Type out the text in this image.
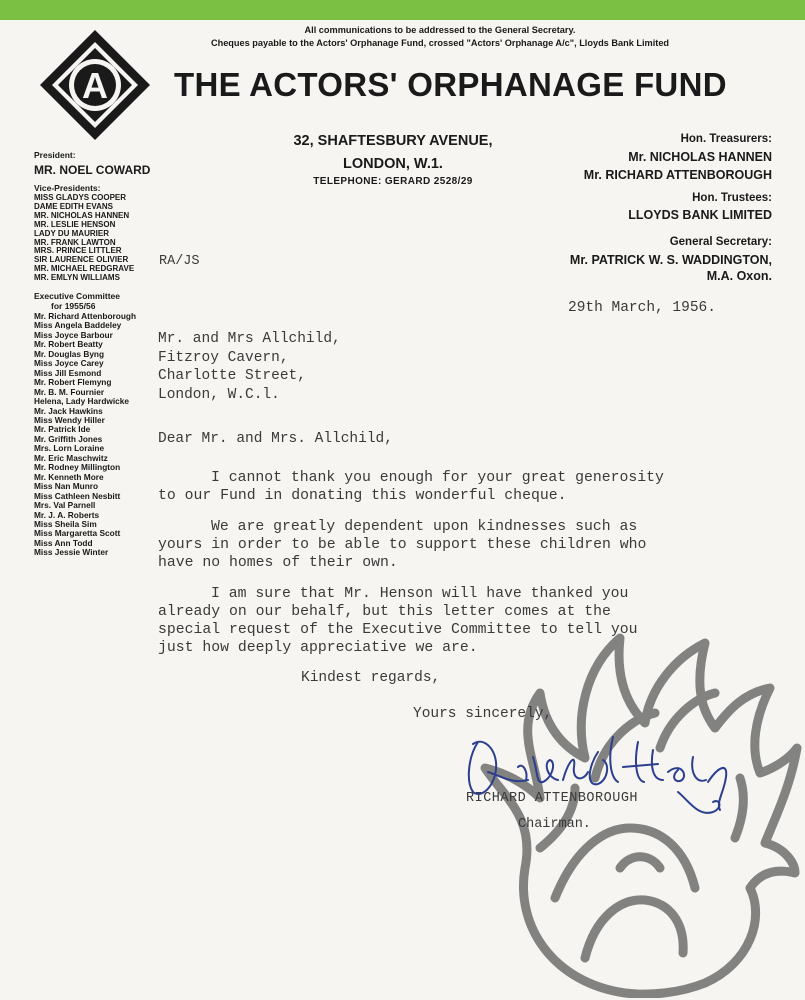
A
All communications to be addressed to the General Secretary.
Cheques payable to the Actors' Orphanage Fund, crossed "Actors' Orphanage A/c", Lloyds Bank Limited
THE ACTORS' ORPHANAGE FUND
32, SHAFTESBURY AVENUE,
LONDON, W.1.
TELEPHONE: GERARD 2528/29
Hon. Treasurers:
Mr. NICHOLAS HANNEN
Mr. RICHARD ATTENBOROUGH
Hon. Trustees:
LLOYDS BANK LIMITED
General Secretary:
Mr. PATRICK W. S. WADDINGTON,
M.A. Oxon.
President:
MR. NOEL COWARD
Vice-Presidents:
MISS GLADYS COOPER
DAME EDITH EVANS
MR. NICHOLAS HANNEN
MR. LESLIE HENSON
LADY DU MAURIER
MR. FRANK LAWTON
MRS. PRINCE LITTLER
SIR LAURENCE OLIVIER
MR. MICHAEL REDGRAVE
MR. EMLYN WILLIAMS
Executive Committee
for 1955/56
Mr. Richard Attenborough
Miss Angela Baddeley
Miss Joyce Barbour
Mr. Robert Beatty
Mr. Douglas Byng
Miss Joyce Carey
Miss Jill Esmond
Mr. Robert Flemyng
Mr. B. M. Fournier
Helena, Lady Hardwicke
Mr. Jack Hawkins
Miss Wendy Hiller
Mr. Patrick Ide
Mr. Griffith Jones
Mrs. Lorn Loraine
Mr. Eric Maschwitz
Mr. Rodney Millington
Mr. Kenneth More
Miss Nan Munro
Miss Cathleen Nesbitt
Mrs. Val Parnell
Mr. J. A. Roberts
Miss Sheila Sim
Miss Margaretta Scott
Miss Ann Todd
Miss Jessie Winter
RA/JS
29th March, 1956.
Mr. and Mrs Allchild,
Fitzroy Cavern,
Charlotte Street,
London, W.C.l.
Dear Mr. and Mrs. Allchild,
I cannot thank you enough for your great generosity
to our Fund in donating this wonderful cheque.
We are greatly dependent upon kindnesses such as
yours in order to be able to support these children who
have no homes of their own.
I am sure that Mr. Henson will have thanked you
already on our behalf, but this letter comes at the
special request of the Executive Committee to tell you
just how deeply appreciative we are.
Kindest regards,
Yours sincerely,
RICHARD ATTENBOROUGH
Chairman.
